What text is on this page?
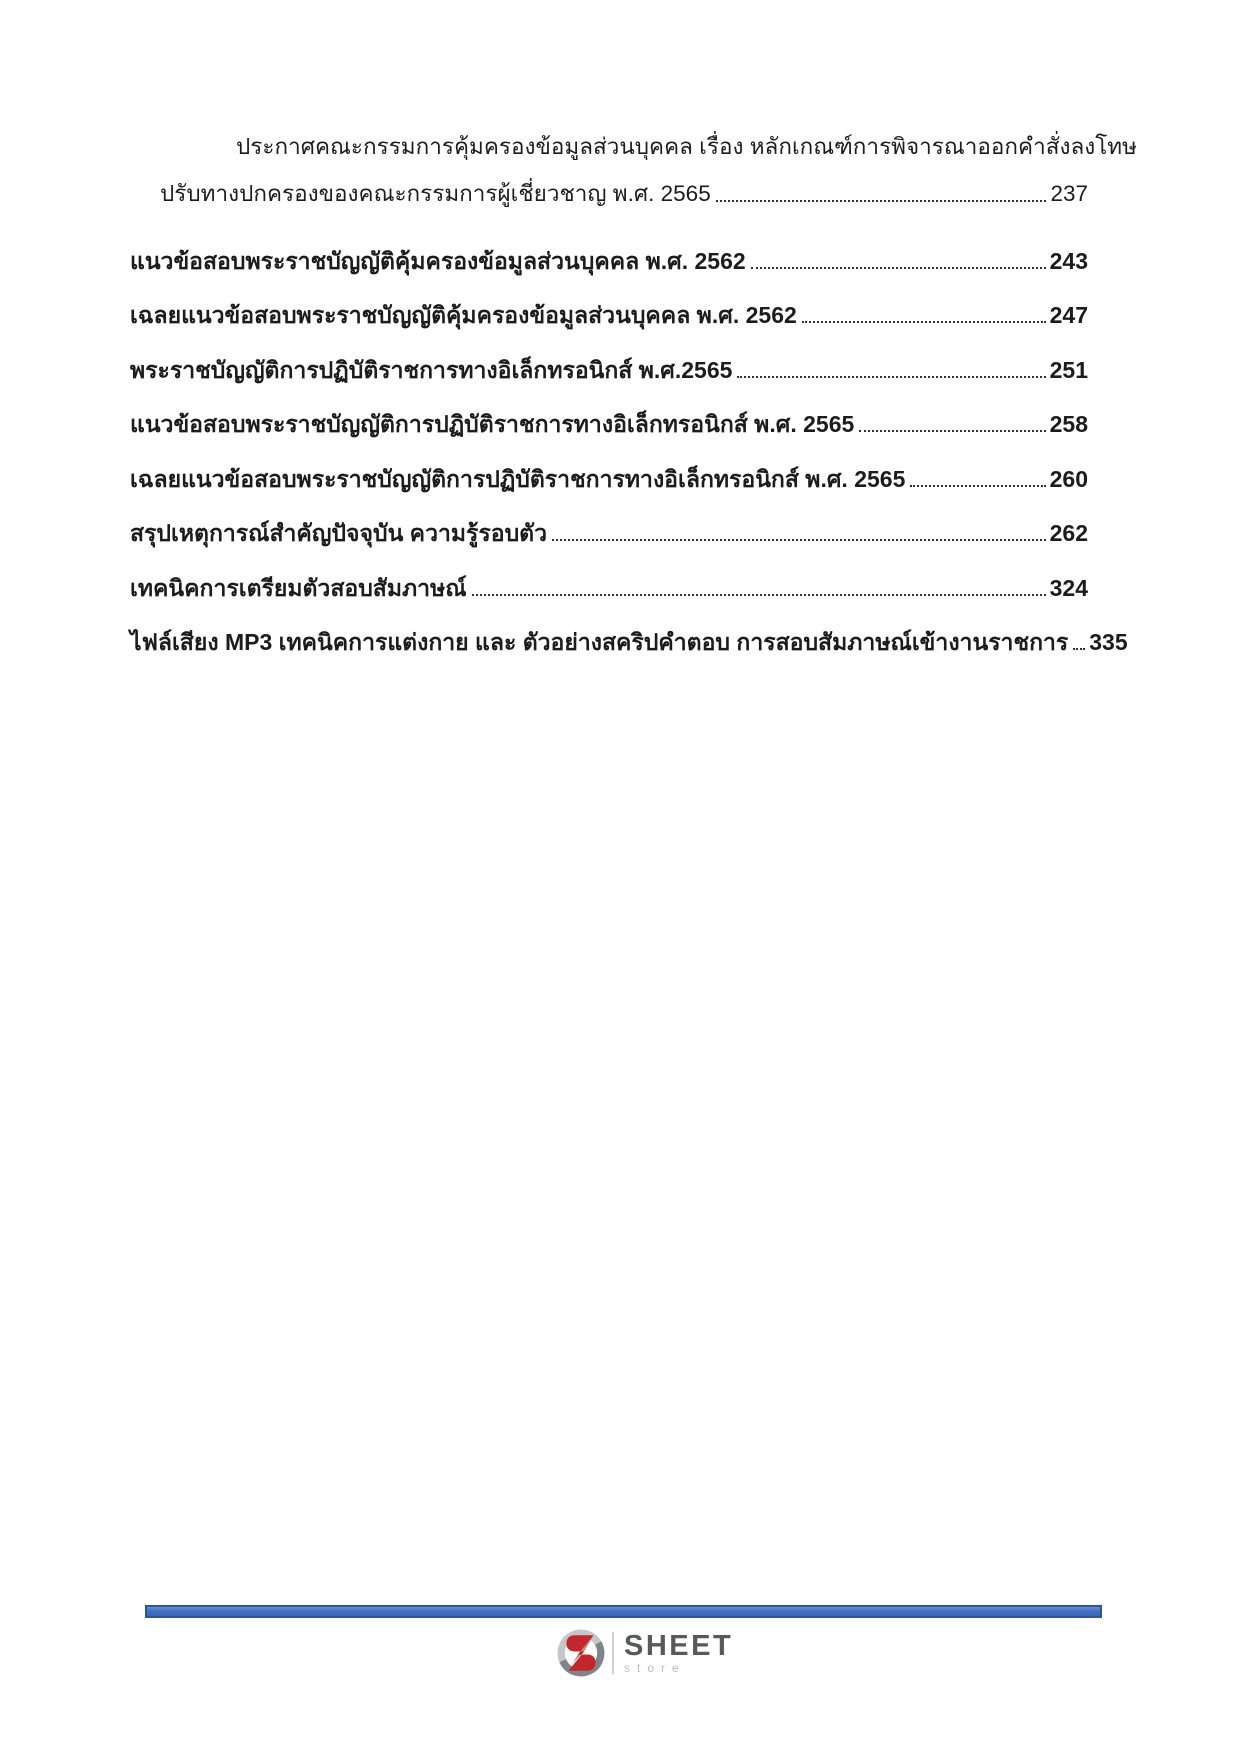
ประกาศคณะกรรมการคุ้มครองข้อมูลส่วนบุคคล เรื่อง หลักเกณฑ์การพิจารณาออกคำสั่งลงโทษ
ปรับทางปกครองของคณะกรรมการผู้เชี่ยวชาญ พ.ศ. 2565	237
แนวข้อสอบพระราชบัญญัติคุ้มครองข้อมูลส่วนบุคคล พ.ศ. 2562	243
เฉลยแนวข้อสอบพระราชบัญญัติคุ้มครองข้อมูลส่วนบุคคล พ.ศ. 2562	247
พระราชบัญญัติการปฏิบัติราชการทางอิเล็กทรอนิกส์ พ.ศ.2565	251
แนวข้อสอบพระราชบัญญัติการปฏิบัติราชการทางอิเล็กทรอนิกส์ พ.ศ. 2565	258
เฉลยแนวข้อสอบพระราชบัญญัติการปฏิบัติราชการทางอิเล็กทรอนิกส์ พ.ศ. 2565	260
สรุปเหตุการณ์สำคัญปัจจุบัน ความรู้รอบตัว	262
เทคนิคการเตรียมตัวสอบสัมภาษณ์	324
ไฟล์เสียง MP3 เทคนิคการแต่งกาย และ ตัวอย่างสคริปคำตอบ การสอบสัมภาษณ์เข้างานราชการ 335
SHEET
store
